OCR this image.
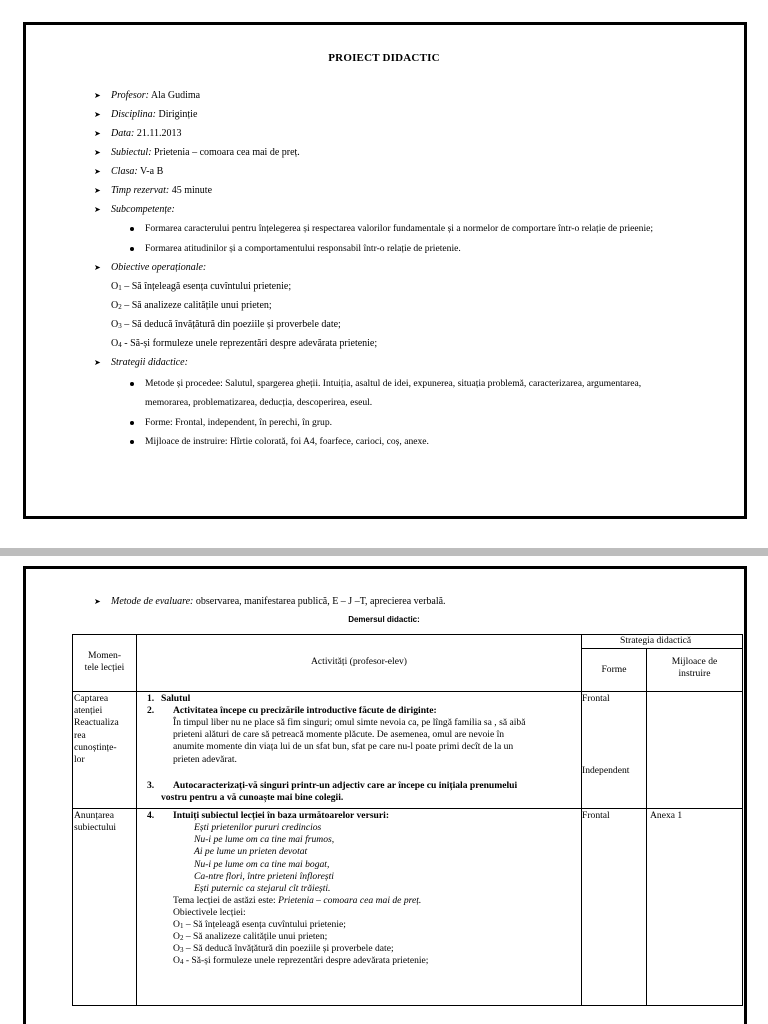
PROIECT DIDACTIC
➤ Profesor: Ala Gudima
➤ Disciplina: Diriginție
➤ Data: 21.11.2013
➤ Subiectul: Prietenia – comoara cea mai de preț.
➤ Clasa: V-a B
➤ Timp rezervat: 45 minute
➤ Subcompetențe:
Formarea caracterului pentru înțelegerea și respectarea valorilor fundamentale și a normelor de comportare într-o relație de prieenie;
Formarea atitudinilor și a comportamentului responsabil într-o relație de prietenie.
➤ Obiective operaționale:
O1 – Să înțeleagă esența cuvîntului prietenie;
O2 – Să analizeze calitățile unui prieten;
O3 – Să deducă învățătură din poeziile și proverbele date;
O4 - Să-și formuleze unele reprezentări despre adevărata prietenie;
➤ Strategii didactice:
Metode și procedee: Salutul, spargerea gheții. Intuiția, asaltul de idei, expunerea, situația problemă, caracterizarea, argumentarea,
memorarea, problematizarea, deducția, descoperirea, eseul.
Forme: Frontal, independent, în perechi, în grup.
Mijloace de instruire: Hîrtie colorată, foi A4, foarfece, carioci, coș, anexe.
➤ Metode de evaluare: observarea, manifestarea publică, E – J –T, aprecierea verbală.
Demersul didactic:
Momen-
tele lecției
Activități (profesor-elev)
Strategia didactică
Forme
Mijloace de
instruire
Captarea
atenției
Reactualiza
rea
cunoștințe-
lor
1. Salutul
2. Activitatea începe cu precizările introductive făcute de diriginte:
În timpul liber nu ne place să fim singuri; omul simte nevoia ca, pe lîngă familia sa , să aibă
prieteni alături de care să petreacă momente plăcute. De asemenea, omul are nevoie în
anumite momente din viața lui de un sfat bun, sfat pe care nu-l poate primi decît de la un
prieten adevărat.
3. Autocaracterizați-vă singuri printr-un adjectiv care ar începe cu inițiala prenumelui
vostru pentru a vă cunoaște mai bine colegii.
Frontal
Independent
Anunțarea
subiectului
4. Intuiți subiectul lecției în baza următoarelor versuri:
Ești prietenilor pururi credincios
Nu-i pe lume om ca tine mai frumos,
Ai pe lume un prieten devotat
Nu-i pe lume om ca tine mai bogat,
Ca-ntre flori, între prieteni înflorești
Ești puternic ca stejarul cît trăiești.
Tema lecției de astăzi este: Prietenia – comoara cea mai de preț.
Obiectivele lecției:
O1 – Să înțeleagă esența cuvîntului prietenie;
O2 – Să analizeze calitățile unui prieten;
O3 – Să deducă învățătură din poeziile și proverbele date;
O4 - Să-și formuleze unele reprezentări despre adevărata prietenie;
Frontal	Anexa 1
